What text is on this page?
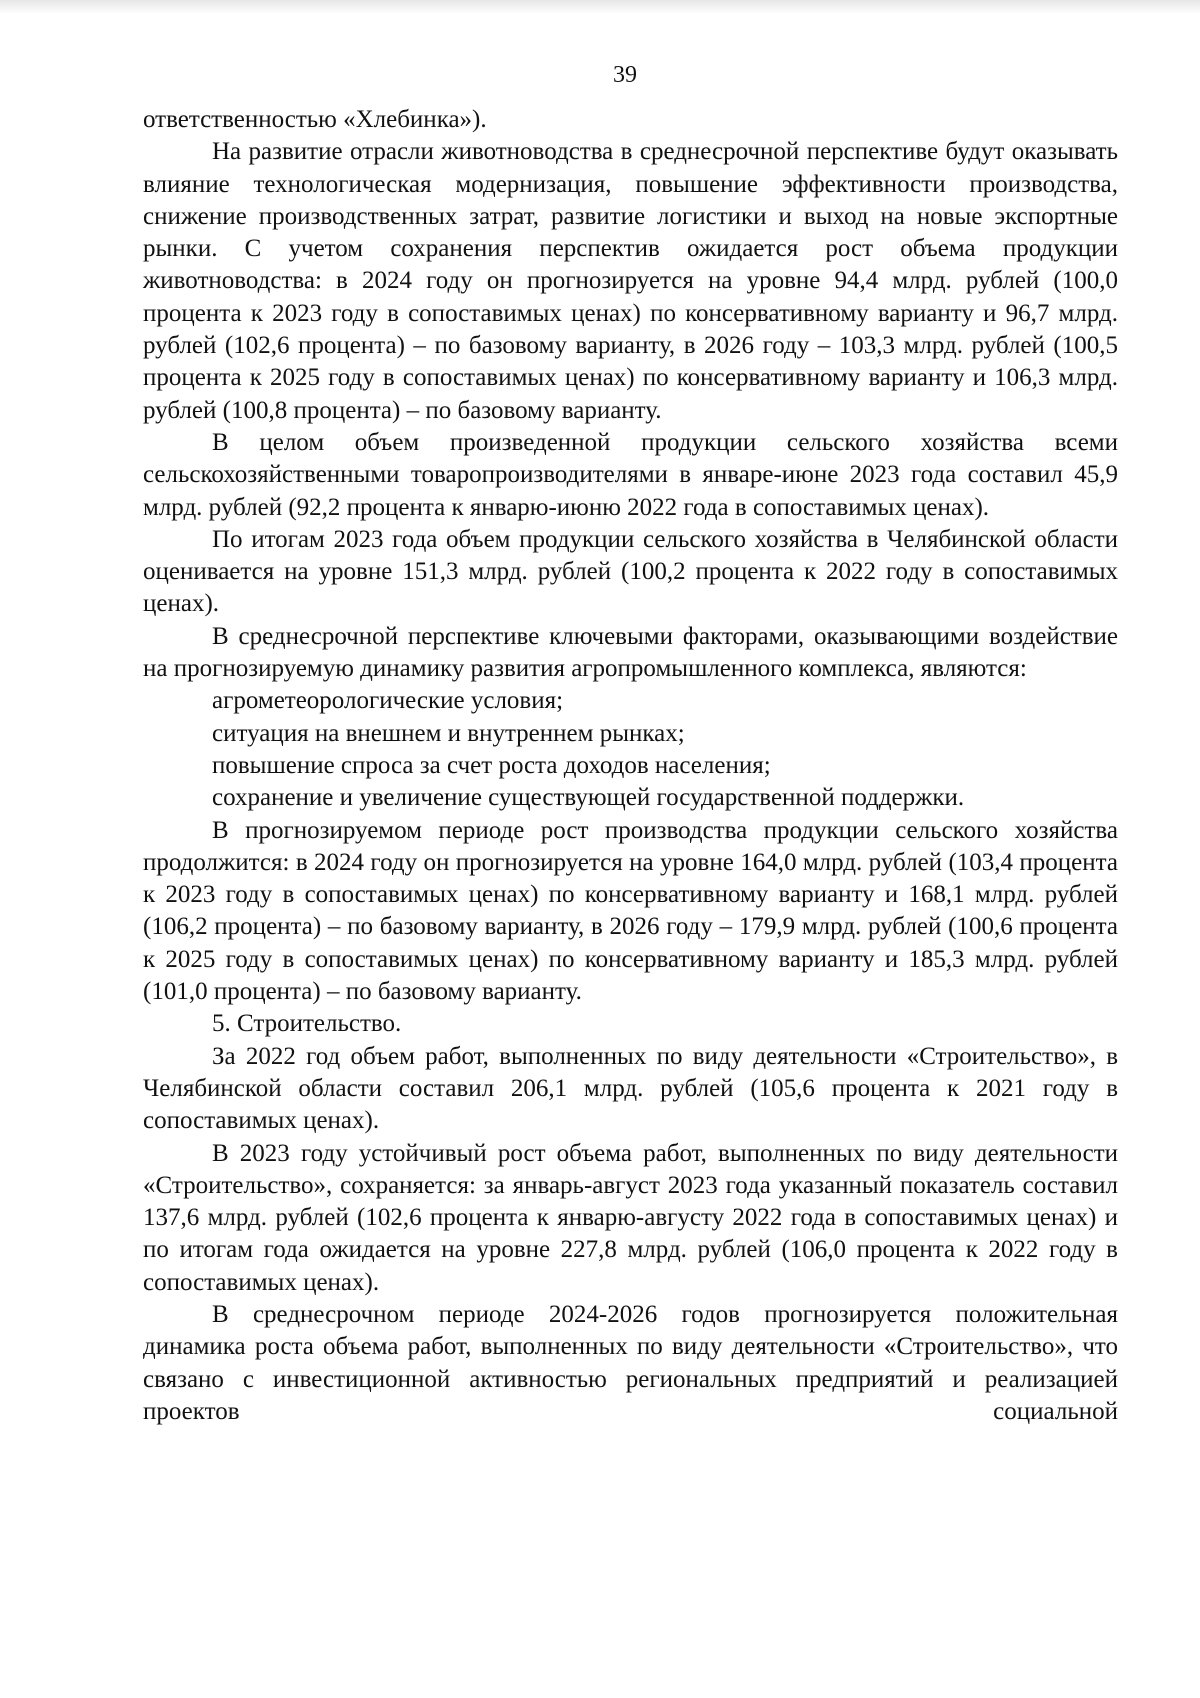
39

ответственностью «Хлебинка»).

На развитие отрасли животноводства в среднесрочной перспективе будут оказывать влияние технологическая модернизация, повышение эффективности производства, снижение производственных затрат, развитие логистики и выход на новые экспортные рынки. С учетом сохранения перспектив ожидается рост объема продукции животноводства: в 2024 году он прогнозируется на уровне 94,4 млрд. рублей (100,0 процента к 2023 году в сопоставимых ценах) по консервативному варианту и 96,7 млрд. рублей (102,6 процента) – по базовому варианту, в 2026 году – 103,3 млрд. рублей (100,5 процента к 2025 году в сопоставимых ценах) по консервативному варианту и 106,3 млрд. рублей (100,8 процента) – по базовому варианту.

В целом объем произведенной продукции сельского хозяйства всеми сельскохозяйственными товаропроизводителями в январе-июне 2023 года составил 45,9 млрд. рублей (92,2 процента к январю-июню 2022 года в сопоставимых ценах).

По итогам 2023 года объем продукции сельского хозяйства в Челябинской области оценивается на уровне 151,3 млрд. рублей (100,2 процента к 2022 году в сопоставимых ценах).

В среднесрочной перспективе ключевыми факторами, оказывающими воздействие на прогнозируемую динамику развития агропромышленного комплекса, являются:

агрометеорологические условия;

ситуация на внешнем и внутреннем рынках;

повышение спроса за счет роста доходов населения;

сохранение и увеличение существующей государственной поддержки.

В прогнозируемом периоде рост производства продукции сельского хозяйства продолжится: в 2024 году он прогнозируется на уровне 164,0 млрд. рублей (103,4 процента к 2023 году в сопоставимых ценах) по консервативному варианту и 168,1 млрд. рублей (106,2 процента) – по базовому варианту, в 2026 году – 179,9 млрд. рублей (100,6 процента к 2025 году в сопоставимых ценах) по консервативному варианту и 185,3 млрд. рублей (101,0 процента) – по базовому варианту.

5. Строительство.

За 2022 год объем работ, выполненных по виду деятельности «Строительство», в Челябинской области составил 206,1 млрд. рублей (105,6 процента к 2021 году в сопоставимых ценах).

В 2023 году устойчивый рост объема работ, выполненных по виду деятельности «Строительство», сохраняется: за январь-август 2023 года указанный показатель составил 137,6 млрд. рублей (102,6 процента к январю-августу 2022 года в сопоставимых ценах) и по итогам года ожидается на уровне 227,8 млрд. рублей (106,0 процента к 2022 году в сопоставимых ценах).

В среднесрочном периоде 2024-2026 годов прогнозируется положительная динамика роста объема работ, выполненных по виду деятельности «Строительство», что связано с инвестиционной активностью региональных предприятий и реализацией проектов социальной
